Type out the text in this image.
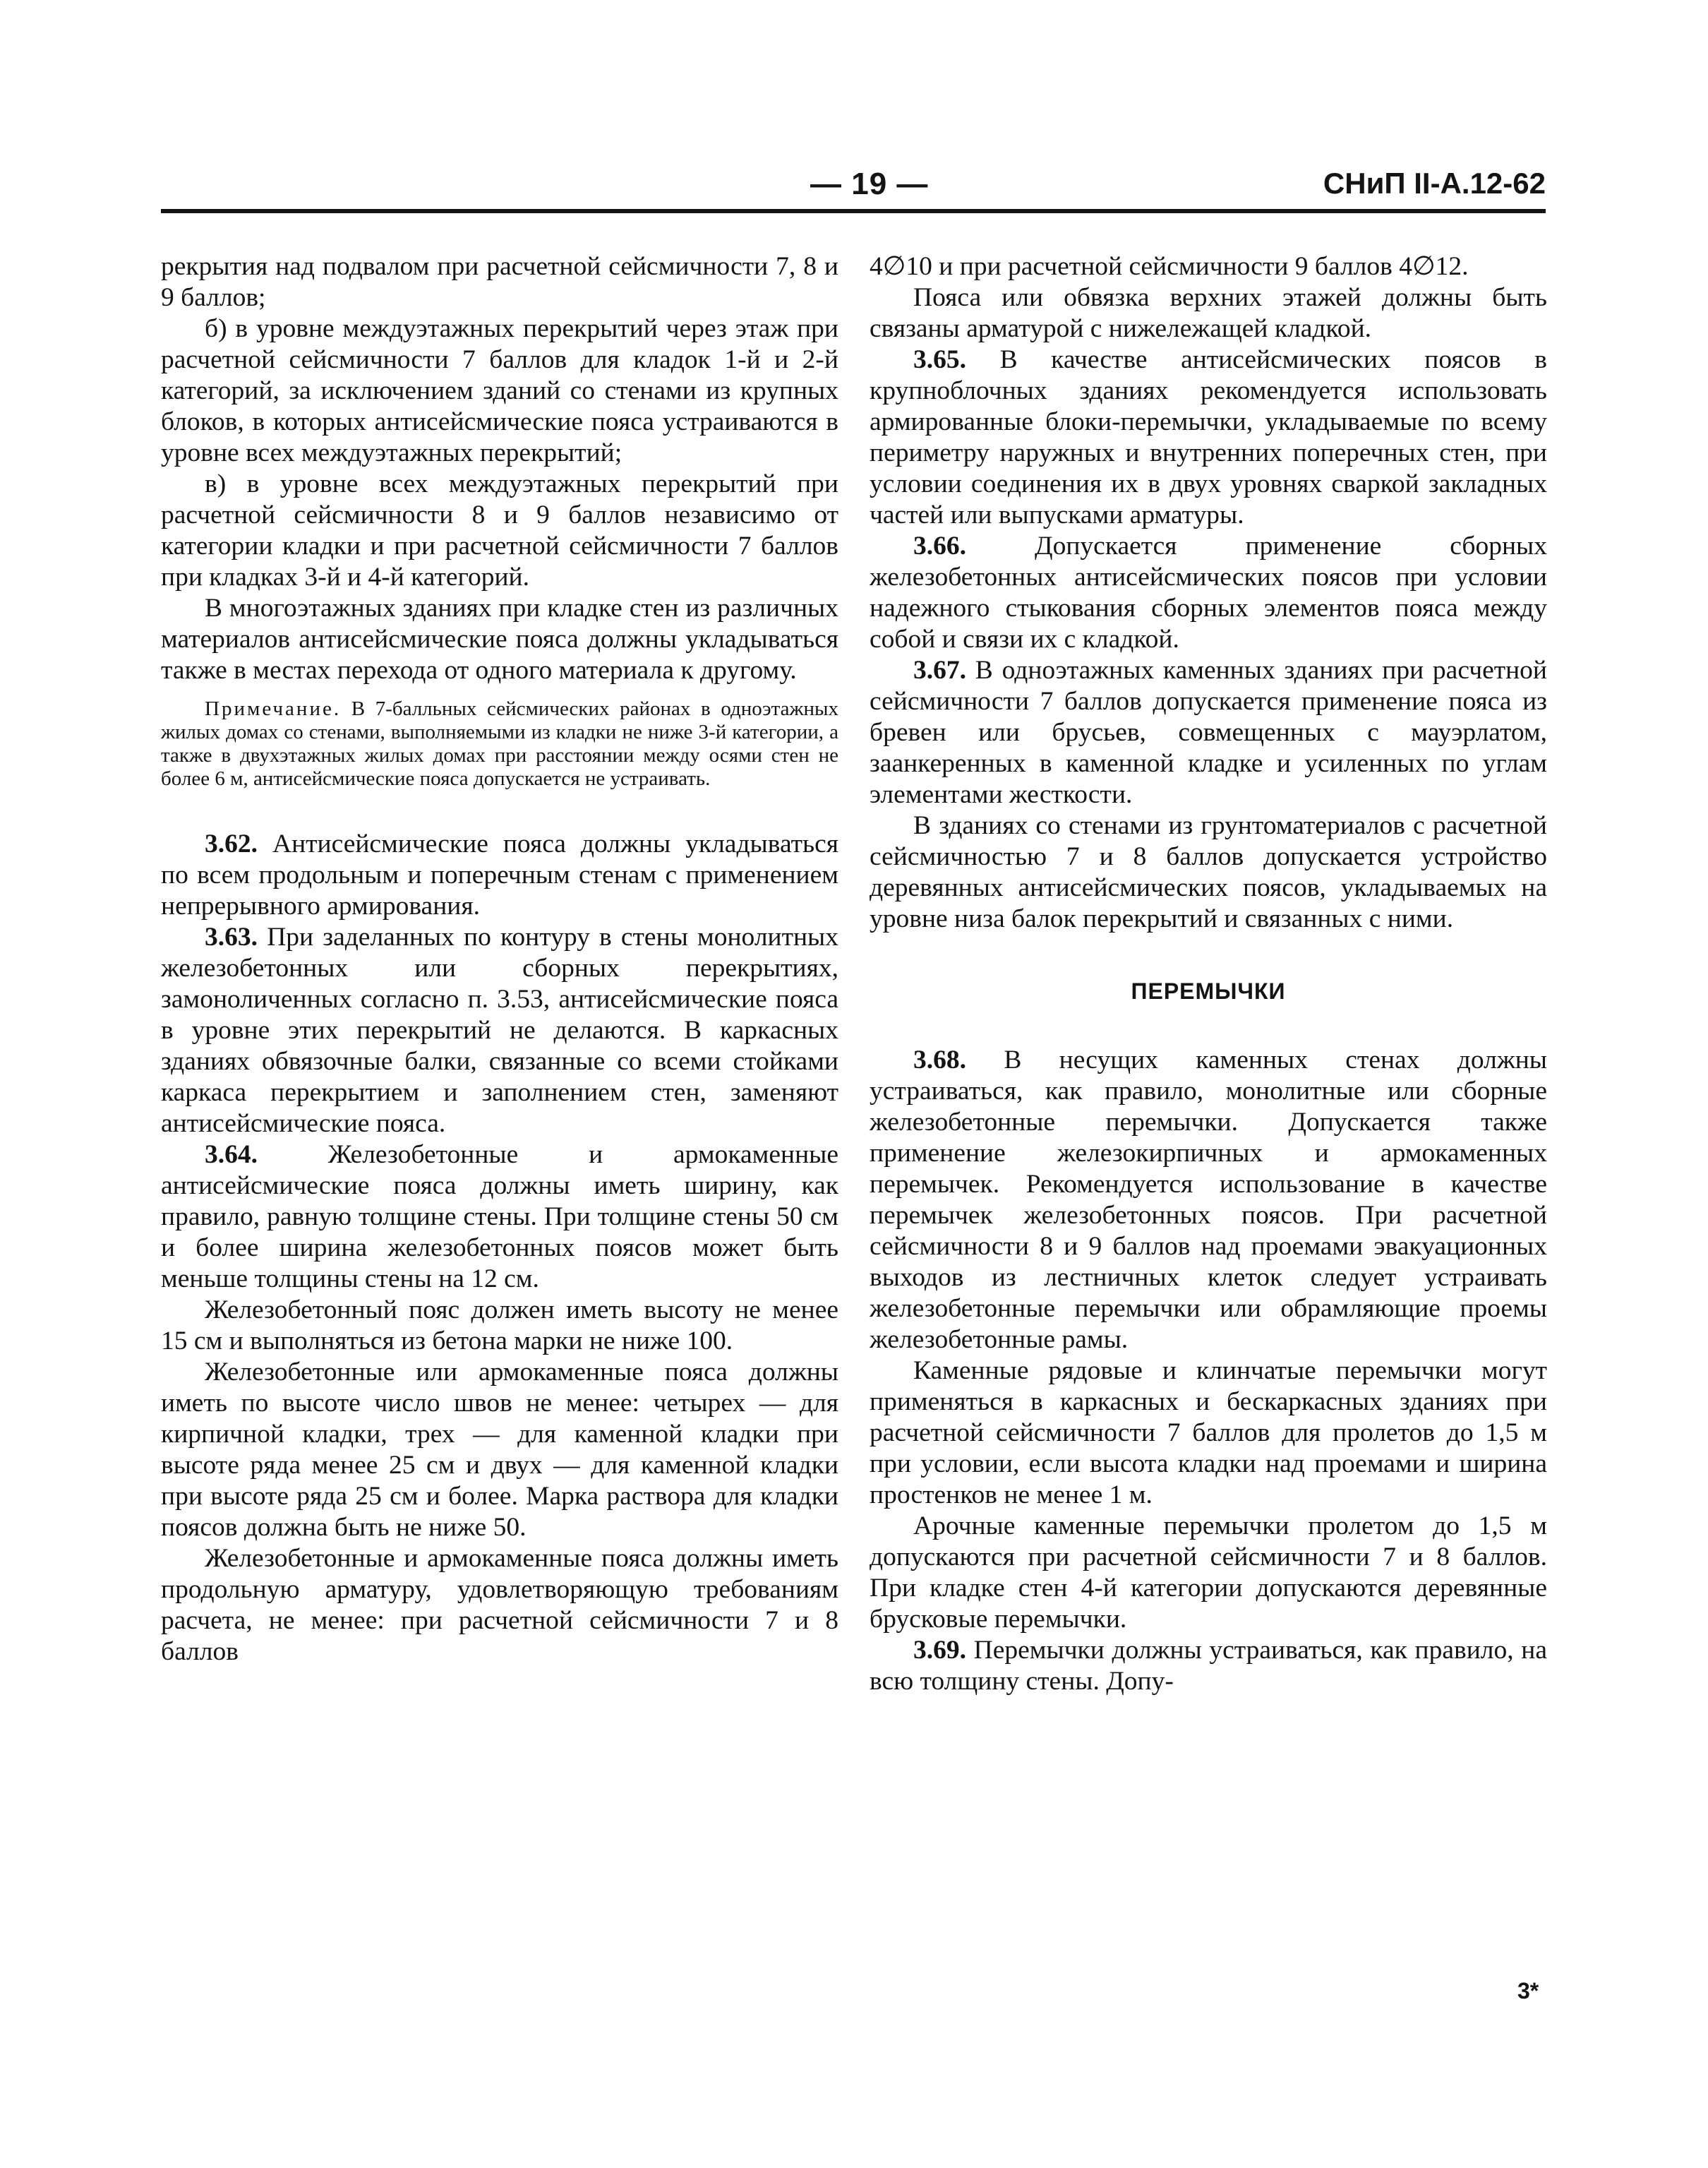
— 19 —	СНиП II-А.12-62

рекрытия над подвалом при расчетной сейсмичности 7, 8 и 9 баллов;

б) в уровне междуэтажных перекрытий через этаж при расчетной сейсмичности 7 баллов для кладок 1-й и 2-й категорий, за исключением зданий со стенами из крупных блоков, в которых антисейсмические пояса устраиваются в уровне всех междуэтажных перекрытий;

в) в уровне всех междуэтажных перекрытий при расчетной сейсмичности 8 и 9 баллов независимо от категории кладки и при расчетной сейсмичности 7 баллов при кладках 3-й и 4-й категорий.

В многоэтажных зданиях при кладке стен из различных материалов антисейсмические пояса должны укладываться также в местах перехода от одного материала к другому.

Примечание. В 7-балльных сейсмических районах в одноэтажных жилых домах со стенами, выполняемыми из кладки не ниже 3-й категории, а также в двухэтажных жилых домах при расстоянии между осями стен не более 6 м, антисейсмические пояса допускается не устраивать.

3.62. Антисейсмические пояса должны укладываться по всем продольным и поперечным стенам с применением непрерывного армирования.

3.63. При заделанных по контуру в стены монолитных железобетонных или сборных перекрытиях, замоноличенных согласно п. 3.53, антисейсмические пояса в уровне этих перекрытий не делаются. В каркасных зданиях обвязочные балки, связанные со всеми стойками каркаса перекрытием и заполнением стен, заменяют антисейсмические пояса.

3.64.	Железобетонные и армокаменные антисейсмические пояса должны иметь ширину, как правило, равную толщине стены. При толщине стены 50 см и более ширина железобетонных поясов может быть меньше толщины стены на 12 см.

Железобетонный пояс должен иметь высоту не менее 15 см и выполняться из бетона марки не ниже 100.

Железобетонные или армокаменные пояса должны иметь по высоте число швов не менее: четырех — для кирпичной кладки, трех — для каменной кладки при высоте ряда менее 25 см и двух — для каменной кладки при высоте ряда 25 см и более. Марка раствора для кладки поясов должна быть не ниже 50.

Железобетонные и армокаменные пояса должны иметь продольную арматуру, удовлетворяющую требованиям расчета, не менее: при расчетной сейсмичности 7 и 8 баллов

4∅10 и при расчетной сейсмичности 9 баллов 4∅12.

Пояса или обвязка верхних этажей должны быть связаны арматурой с нижележащей кладкой.

3.65. В качестве антисейсмических поясов в крупноблочных зданиях рекомендуется использовать армированные блоки-перемычки, укладываемые по всему периметру наружных и внутренних поперечных стен, при условии соединения их в двух уровнях сваркой закладных частей или выпусками арматуры.

3.66.	Допускается применение сборных железобетонных антисейсмических поясов при условии надежного стыкования сборных элементов пояса между собой и связи их с кладкой.

3.67. В одноэтажных каменных зданиях при расчетной сейсмичности 7 баллов допускается применение пояса из бревен или брусьев, совмещенных с мауэрлатом, заанкеренных в каменной кладке и усиленных по углам элементами жесткости.

В зданиях со стенами из грунтоматериалов с расчетной сейсмичностью 7 и 8 баллов допускается устройство деревянных антисейсмических поясов, укладываемых на уровне низа балок перекрытий и связанных с ними.

ПЕРЕМЫЧКИ

3.68. В несущих каменных стенах должны устраиваться, как правило, монолитные или сборные железобетонные перемычки. Допускается также применение железокирпичных и армокаменных перемычек. Рекомендуется использование в качестве перемычек железобетонных поясов. При расчетной сейсмичности 8 и 9 баллов над проемами эвакуационных выходов из лестничных клеток следует устраивать железобетонные перемычки или обрамляющие проемы железобетонные рамы.

Каменные рядовые и клинчатые перемычки могут применяться в каркасных и бескаркасных зданиях при расчетной сейсмичности 7 баллов для пролетов до 1,5 м при условии, если высота кладки над проемами и ширина простенков не менее 1 м.

Арочные каменные перемычки пролетом до 1,5 м допускаются при расчетной сейсмичности 7 и 8 баллов. При кладке стен 4-й категории допускаются деревянные брусковые перемычки.

3.69. Перемычки должны устраиваться, как правило, на всю толщину стены. Допу-

3*
